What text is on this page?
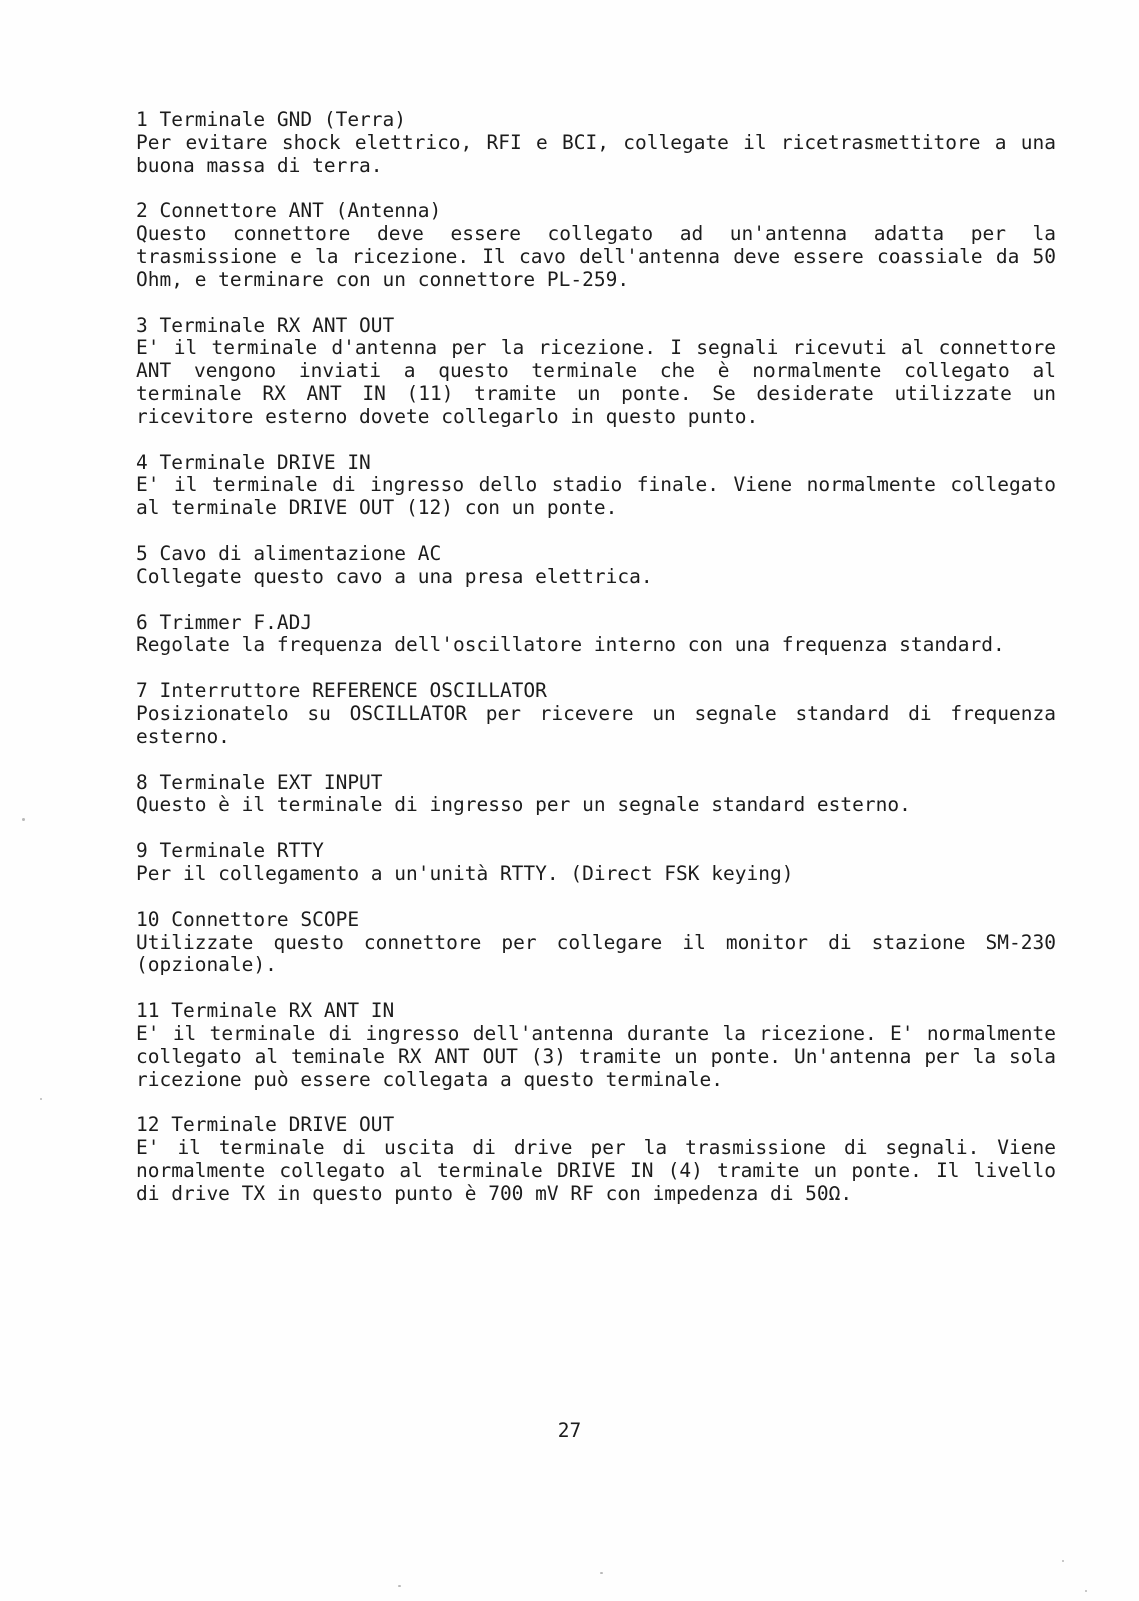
1 Terminale GND (Terra)
Per evitare shock elettrico, RFI e BCI, collegate il ricetrasmettitore a una buona massa di terra.
2 Connettore ANT (Antenna)
Questo connettore deve essere collegato ad un'antenna adatta per la trasmissione e la ricezione. Il cavo dell'antenna deve essere coassiale da 50 Ohm, e terminare con un connettore PL-259.
3 Terminale RX ANT OUT
E' il terminale d'antenna per la ricezione. I segnali ricevuti al connettore ANT vengono inviati a questo terminale che è normalmente collegato al terminale RX ANT IN (11) tramite un ponte. Se desiderate utilizzate un ricevitore esterno dovete collegarlo in questo punto.
4 Terminale DRIVE IN
E' il terminale di ingresso dello stadio finale. Viene normalmente collegato al terminale DRIVE OUT (12) con un ponte.
5 Cavo di alimentazione AC
Collegate questo cavo a una presa elettrica.
6 Trimmer F.ADJ
Regolate la frequenza dell'oscillatore interno con una frequenza standard.
7 Interruttore REFERENCE OSCILLATOR
Posizionatelo su OSCILLATOR per ricevere un segnale standard di frequenza esterno.
8 Terminale EXT INPUT
Questo è il terminale di ingresso per un segnale standard esterno.
9 Terminale RTTY
Per il collegamento a un'unità RTTY. (Direct FSK keying)
10 Connettore SCOPE
Utilizzate questo connettore per collegare il monitor di stazione SM-230 (opzionale).
11 Terminale RX ANT IN
E' il terminale di ingresso dell'antenna durante la ricezione. E' normalmente collegato al teminale RX ANT OUT (3) tramite un ponte. Un'antenna per la sola ricezione può essere collegata a questo terminale.
12 Terminale DRIVE OUT
E' il terminale di uscita di drive per la trasmissione di segnali. Viene normalmente collegato al terminale DRIVE IN (4) tramite un ponte. Il livello di drive TX in questo punto è 700 mV RF con impedenza di 50Ω.
27
